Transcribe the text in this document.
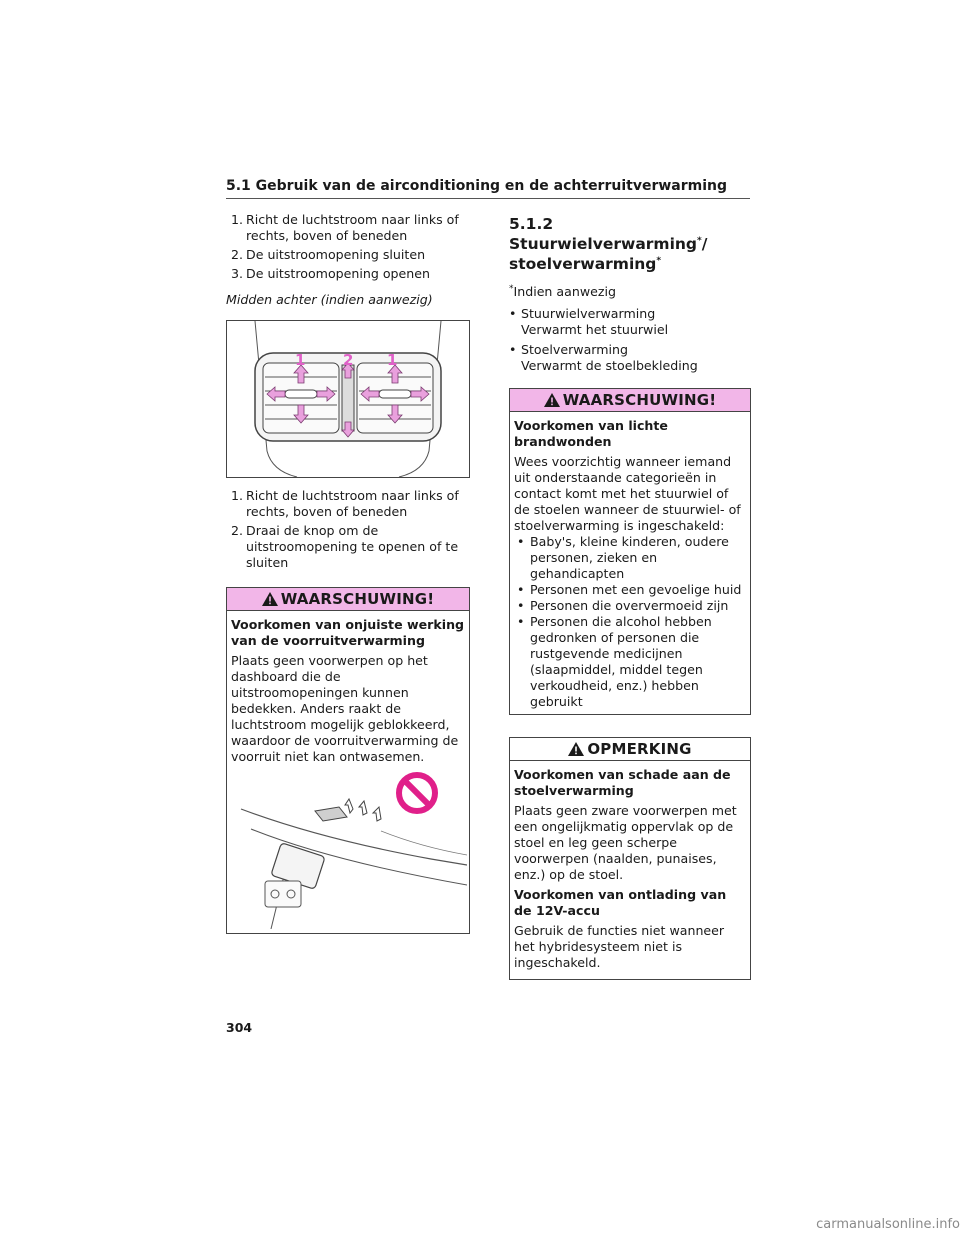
5.1 Gebruik van de airconditioning en de achterruitverwarming
1. Richt de luchtstroom naar links of rechts, boven of beneden
2. De uitstroomopening sluiten
3. De uitstroomopening openen
Midden achter (indien aanwezig)
1	2 1
1. Richt de luchtstroom naar links of rechts, boven of beneden
2. Draai de knop om de uitstroomopening te openen of te sluiten
WAARSCHUWING!

Voorkomen van onjuiste werking van de voorruitverwarming

Plaats geen voorwerpen op het dashboard die de uitstroomopeningen kunnen bedekken. Anders raakt de luchtstroom mogelijk geblokkeerd, waardoor de voorruitverwarming de voorruit niet kan ontwasemen.

5.1.2 Stuurwielverwarming*/
stoelverwarming*
*Indien aanwezig
• Stuurwielverwarming
Verwarmt het stuurwiel
• Stoelverwarming
Verwarmt de stoelbekleding
WAARSCHUWING!

Voorkomen van lichte brandwonden

Wees voorzichtig wanneer iemand uit onderstaande categorieën in contact komt met het stuurwiel of de stoelen wanneer de stuurwiel- of stoelverwarming is ingeschakeld:

• Baby's, kleine kinderen, oudere personen, zieken en gehandicapten
• Personen met een gevoelige huid
• Personen die oververmoeid zijn
• Personen die alcohol hebben gedronken of personen die rustgevende medicijnen (slaapmiddel, middel tegen verkoudheid, enz.) hebben gebruikt
OPMERKING

Voorkomen van schade aan de stoelverwarming

Plaats geen zware voorwerpen met een ongelijkmatig oppervlak op de stoel en leg geen scherpe voorwerpen (naalden, punaises, enz.) op de stoel.

Voorkomen van ontlading van de 12V-accu

Gebruik de functies niet wanneer het hybridesysteem niet is ingeschakeld.

304
carmanualsonline.info
